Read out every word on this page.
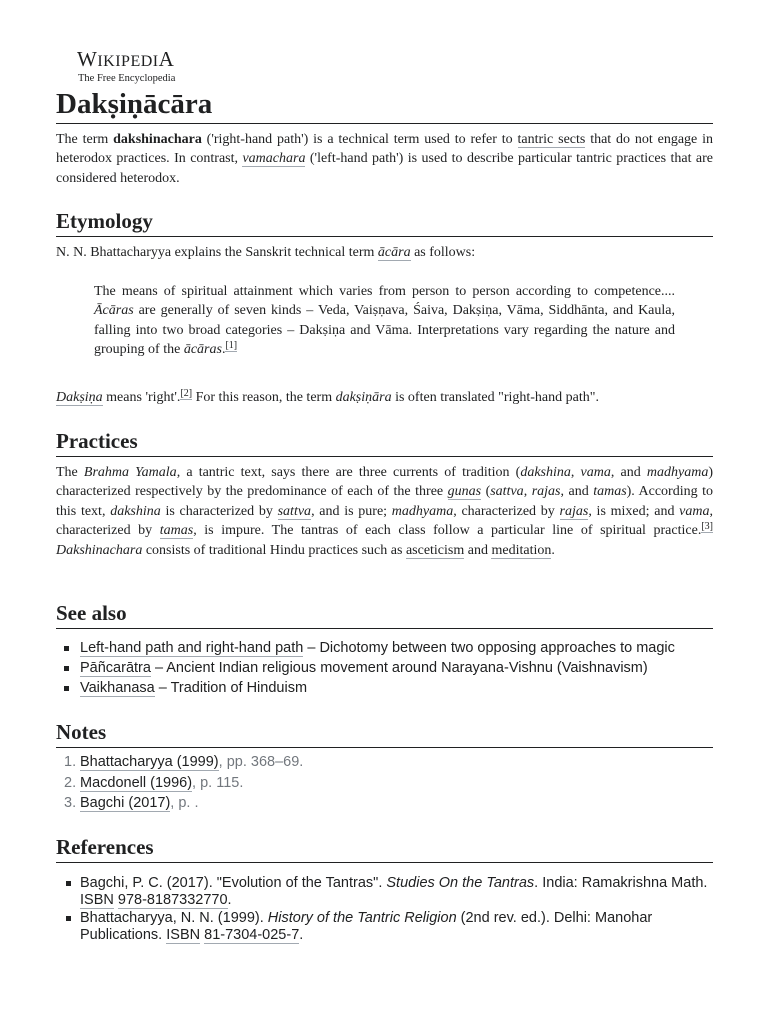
WIKIPEDIA
The Free Encyclopedia
Dakṣiṇācāra

The term dakshinachara ('right-hand path') is a technical term used to refer to tantric sects that do not engage in heterodox practices. In contrast, vamachara ('left-hand path') is used to describe particular tantric practices that are considered heterodox.

Etymology

N. N. Bhattacharyya explains the Sanskrit technical term ācāra as follows:

The means of spiritual attainment which varies from person to person according to competence.... Ācāras are generally of seven kinds – Veda, Vaiṣṇava, Śaiva, Dakṣiṇa, Vāma, Siddhānta, and Kaula, falling into two broad categories – Dakṣiṇa and Vāma. Interpretations vary regarding the nature and grouping of the ācāras.[1]

Dakṣiṇa means 'right'.[2] For this reason, the term dakṣiṇāra is often translated "right-hand path".

Practices

The Brahma Yamala, a tantric text, says there are three currents of tradition (dakshina, vama, and madhyama) characterized respectively by the predominance of each of the three gunas (sattva, rajas, and tamas). According to this text, dakshina is characterized by sattva, and is pure; madhyama, characterized by rajas, is mixed; and vama, characterized by tamas, is impure. The tantras of each class follow a particular line of spiritual practice.[3] Dakshinachara consists of traditional Hindu practices such as asceticism and meditation.

See also
Left-hand path and right-hand path – Dichotomy between two opposing approaches to magic
Pāñcarātra – Ancient Indian religious movement around Narayana-Vishnu (Vaishnavism)
Vaikhanasa – Tradition of Hinduism
Notes
1. Bhattacharyya (1999), pp. 368–69.
2. Macdonell (1996), p. 115.
3. Bagchi (2017), p. .
References
Bagchi, P. C. (2017). "Evolution of the Tantras". Studies On the Tantras. India: Ramakrishna Math. ISBN 978-8187332770.
Bhattacharyya, N. N. (1999). History of the Tantric Religion (2nd rev. ed.). Delhi: Manohar Publications. ISBN 81-7304-025-7.
